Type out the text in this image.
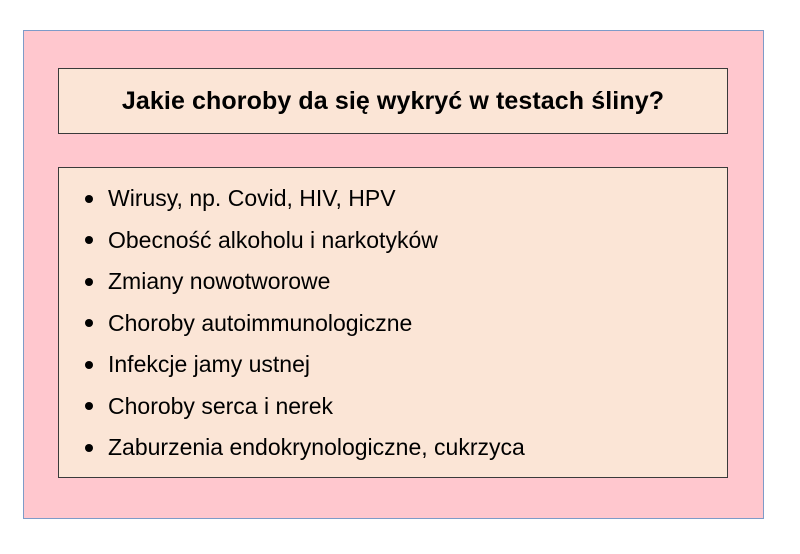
Jakie choroby da się wykryć w testach śliny?
Wirusy, np. Covid, HIV, HPV
Obecność alkoholu i narkotyków
Zmiany nowotworowe
Choroby autoimmunologiczne
Infekcje jamy ustnej
Choroby serca i nerek
Zaburzenia endokrynologiczne, cukrzyca
